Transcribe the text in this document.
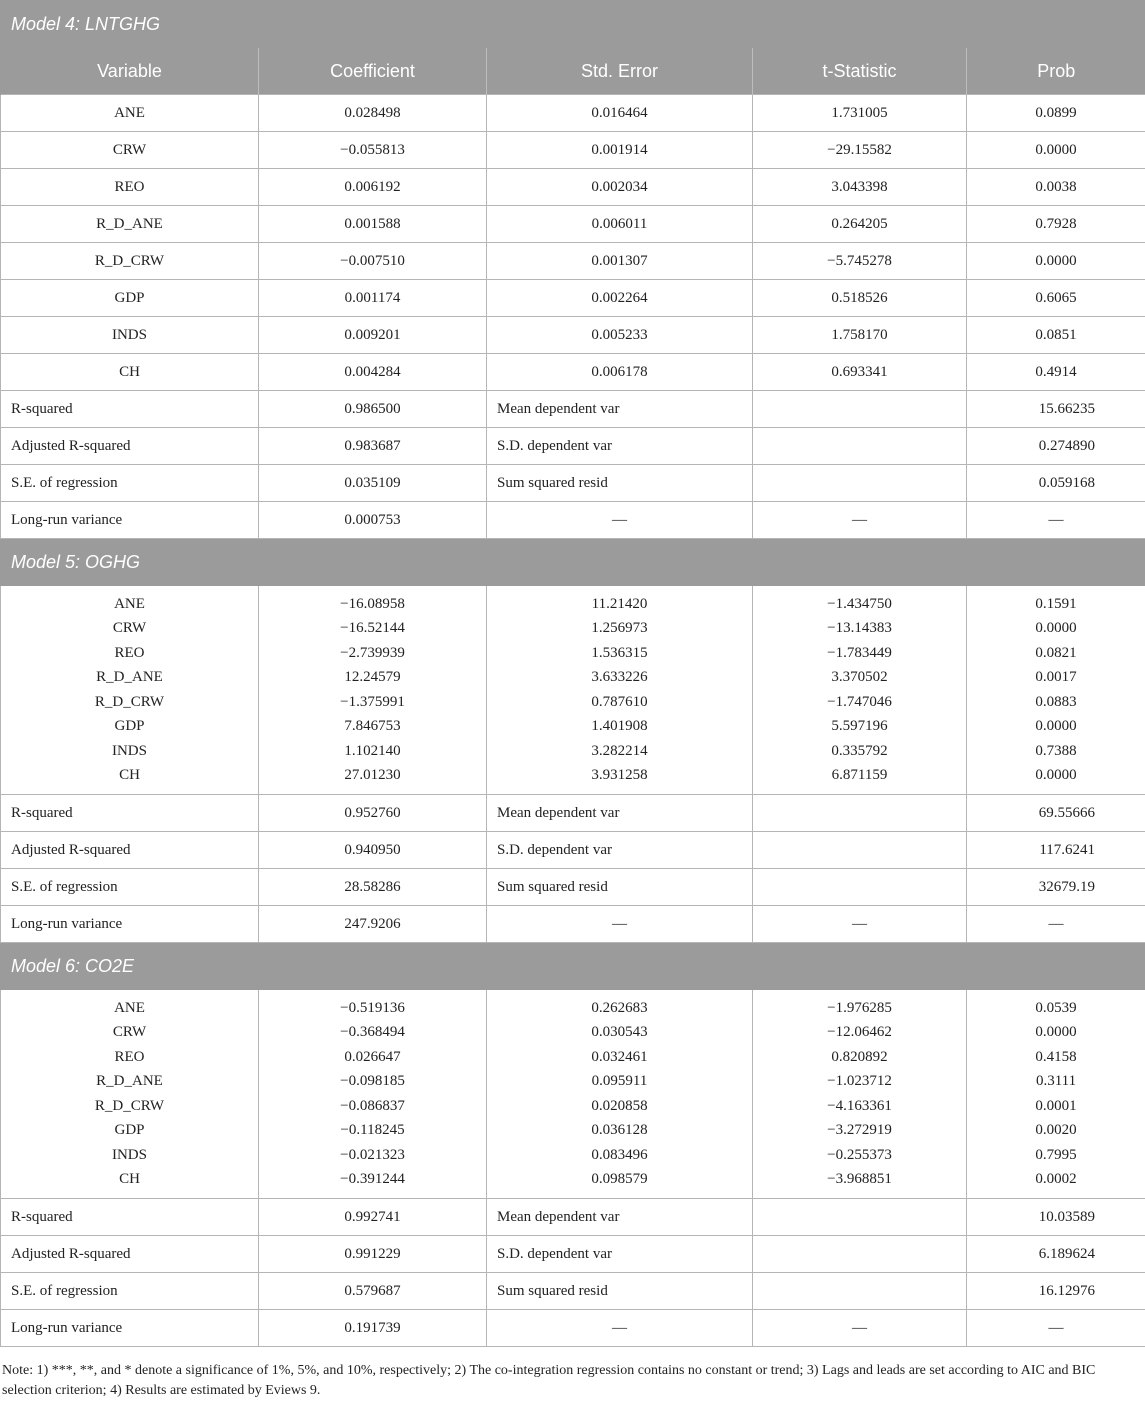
Model 4: LNTGHG				
Variable	Coefficient	Std. Error	t-Statistic	Prob
ANE	0.028498	0.016464	1.731005	0.0899
CRW	−0.055813	0.001914	−29.15582	0.0000
REO	0.006192	0.002034	3.043398	0.0038
R_D_ANE	0.001588	0.006011	0.264205	0.7928
R_D_CRW	−0.007510	0.001307	−5.745278	0.0000
GDP	0.001174	0.002264	0.518526	0.6065
INDS	0.009201	0.005233	1.758170	0.0851
CH	0.004284	0.006178	0.693341	0.4914
R-squared	0.986500	Mean dependent var		15.66235
Adjusted R-squared	0.983687	S.D. dependent var		0.274890
S.E. of regression	0.035109	Sum squared resid		0.059168
Long-run variance	0.000753	—	—	—
Model 5: OGHG				
ANE	−16.08958	11.21420	−1.434750	0.1591
CRW	−16.52144	1.256973	−13.14383	0.0000
REO	−2.739939	1.536315	−1.783449	0.0821
R_D_ANE	12.24579	3.633226	3.370502	0.0017
R_D_CRW	−1.375991	0.787610	−1.747046	0.0883
GDP	7.846753	1.401908	5.597196	0.0000
INDS	1.102140	3.282214	0.335792	0.7388
CH	27.01230	3.931258	6.871159	0.0000
R-squared	0.952760	Mean dependent var		69.55666
Adjusted R-squared	0.940950	S.D. dependent var		117.6241
S.E. of regression	28.58286	Sum squared resid		32679.19
Long-run variance	247.9206	—	—	—
Model 6: CO2E				
ANE	−0.519136	0.262683	−1.976285	0.0539
CRW	−0.368494	0.030543	−12.06462	0.0000
REO	0.026647	0.032461	0.820892	0.4158
R_D_ANE	−0.098185	0.095911	−1.023712	0.3111
R_D_CRW	−0.086837	0.020858	−4.163361	0.0001
GDP	−0.118245	0.036128	−3.272919	0.0020
INDS	−0.021323	0.083496	−0.255373	0.7995
CH	−0.391244	0.098579	−3.968851	0.0002
R-squared	0.992741	Mean dependent var		10.03589
Adjusted R-squared	0.991229	S.D. dependent var		6.189624
S.E. of regression	0.579687	Sum squared resid		16.12976
Long-run variance	0.191739	—	—	—
Note: 1) ***, **, and * denote a significance of 1%, 5%, and 10%, respectively; 2) The co-integration regression contains no constant or trend; 3) Lags and leads are set according to AIC and BIC selection criterion; 4) Results are estimated by Eviews 9.
